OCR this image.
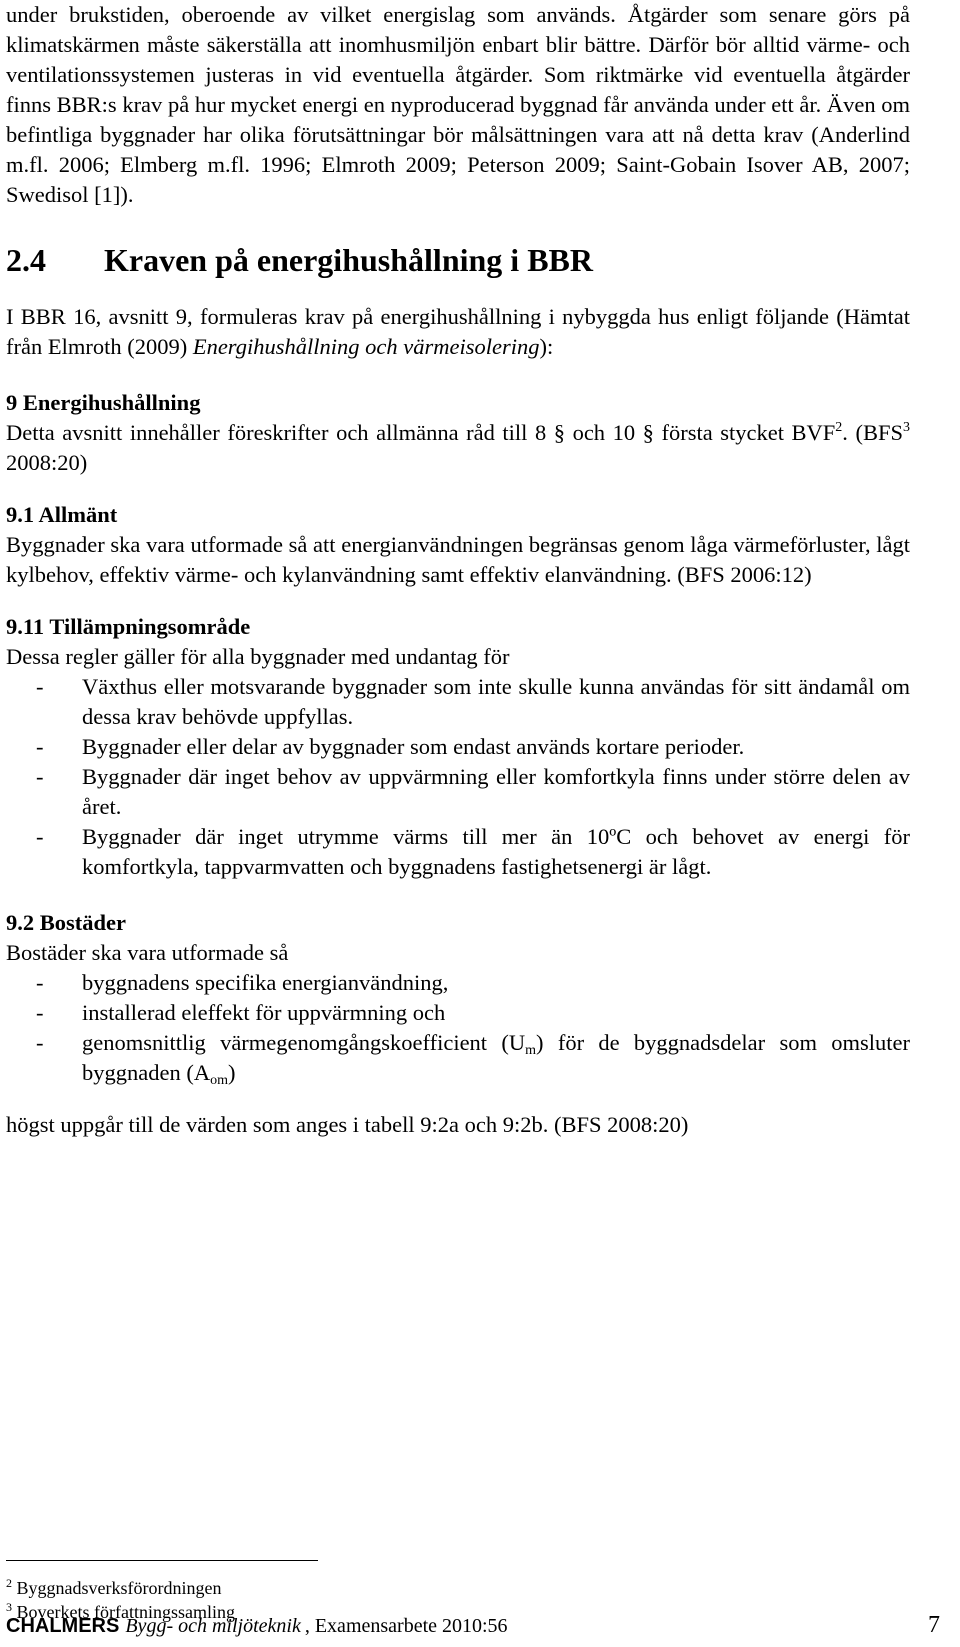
under brukstiden, oberoende av vilket energislag som används. Åtgärder som senare görs på klimatskärmen måste säkerställa att inomhusmiljön enbart blir bättre. Därför bör alltid värme- och ventilationssystemen justeras in vid eventuella åtgärder. Som riktmärke vid eventuella åtgärder finns BBR:s krav på hur mycket energi en nyproducerad byggnad får använda under ett år. Även om befintliga byggnader har olika förutsättningar bör målsättningen vara att nå detta krav (Anderlind m.fl. 2006; Elmberg m.fl. 1996; Elmroth 2009; Peterson 2009; Saint-Gobain Isover AB, 2007; Swedisol [1]).

2.4	Kraven på energihushållning i BBR

I BBR 16, avsnitt 9, formuleras krav på energihushållning i nybyggda hus enligt följande (Hämtat från Elmroth (2009) Energihushållning och värmeisolering):

9 Energihushållning

Detta avsnitt innehåller föreskrifter och allmänna råd till 8 § och 10 § första stycket BVF$^2$. (BFS$^3$ 2008:20)

9.1 Allmänt

Byggnader ska vara utformade så att energianvändningen begränsas genom låga värmeförluster, lågt kylbehov, effektiv värme- och kylanvändning samt effektiv elanvändning. (BFS 2006:12)

9.11 Tillämpningsområde

Dessa regler gäller för alla byggnader med undantag för

-	Växthus eller motsvarande byggnader som inte skulle kunna användas för sitt ändamål om dessa krav behövde uppfyllas.
-	Byggnader eller delar av byggnader som endast används kortare perioder.
-	Byggnader där inget behov av uppvärmning eller komfortkyla finns under större delen av året.
-	Byggnader där inget utrymme värms till mer än 10ºC och behovet av energi för komfortkyla, tappvarmvatten och byggnadens fastighetsenergi är lågt.

9.2 Bostäder

Bostäder ska vara utformade så

-	byggnadens specifika energianvändning,
-	installerad eleffekt för uppvärmning och
-	genomsnittlig värmegenomgångskoefficient $(U_m)$ för de byggnadsdelar som omsluter byggnaden $(A_{om})$

högst uppgår till de värden som anges i tabell 9:2a och 9:2b. (BFS 2008:20)

$^2$ Byggnadsverksförordningen

$^3$ Boverkets författningssamling

CHALMERS Bygg- och miljöteknik , Examensarbete 2010:56	7
